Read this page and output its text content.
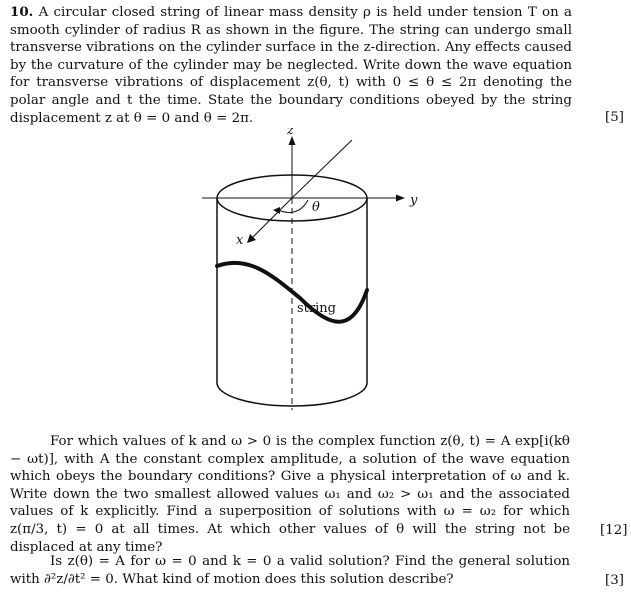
10. A circular closed string of linear mass density ρ is held under tension T on a smooth cylinder of radius R as shown in the figure. The string can undergo small transverse vibrations on the cylinder surface in the z-direction. Any effects caused by the curvature of the cylinder may be neglected. Write down the wave equation for transverse vibrations of displacement z(θ, t) with 0 ≤ θ ≤ 2π denoting the polar angle and t the time. State the boundary conditions obeyed by the string displacement z at θ = 0 and θ = 2π.	[5]
z
y
x
θ
string
For which values of k and ω > 0 is the complex function z(θ, t) = A exp[i(kθ − ωt)], with A the constant complex amplitude, a solution of the wave equation which obeys the boundary conditions? Give a physical interpretation of ω and k. Write down the two smallest allowed values ω₁ and ω₂ > ω₁ and the associated values of k explicitly. Find a superposition of solutions with ω = ω₂ for which z(π/3, t) = 0 at all times. At which other values of θ will the string not be displaced at any time?
[12]
Is z(θ) = A for ω = 0 and k = 0 a valid solution? Find the general solution with ∂²z/∂t² = 0. What kind of motion does this solution describe?	[3]
